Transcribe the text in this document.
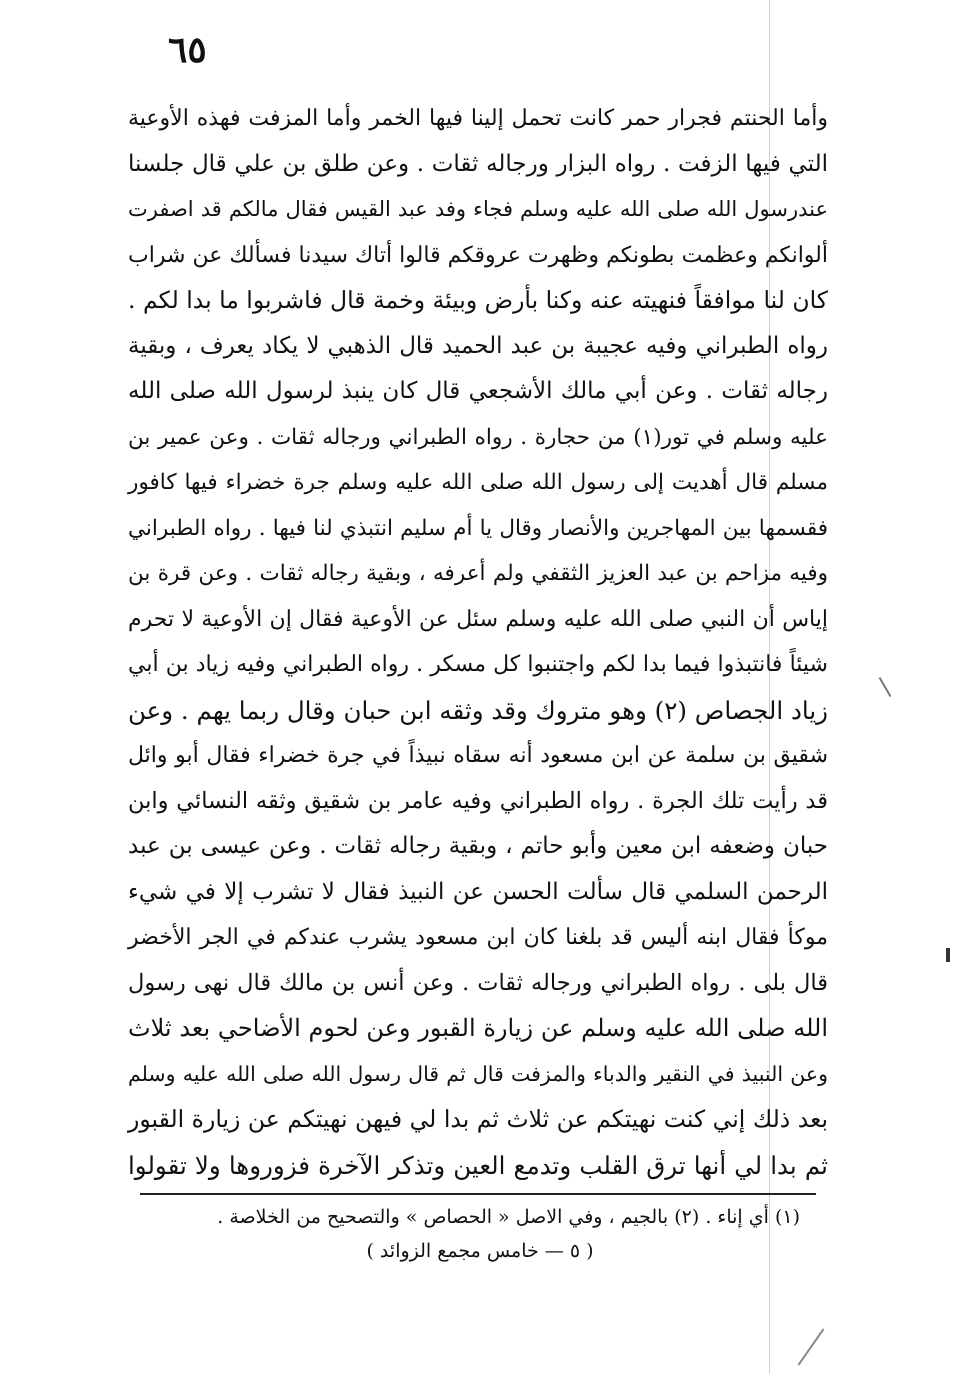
٦٥
وأما الحنتم فجرار حمر كانت تحمل إلينا فيها الخمر وأما المزفت فهذه الأوعية
التي فيها الزفت . رواه البزار ورجاله ثقات . وعن طلق بن علي قال جلسنا
عندرسول الله صلى الله عليه وسلم فجاء وفد عبد القيس فقال مالكم قد اصفرت
ألوانكم وعظمت بطونكم وظهرت عروقكم قالوا أتاك سيدنا فسألك عن شراب
كان لنا موافقاً فنهيته عنه وكنا بأرض وبيئة وخمة قال فاشربوا ما بدا لكم .
رواه الطبراني وفيه عجيبة بن عبد الحميد قال الذهبي لا يكاد يعرف ، وبقية
رجاله ثقات . وعن أبي مالك الأشجعي قال كان ينبذ لرسول الله صلى الله
عليه وسلم في تور(١) من حجارة . رواه الطبراني ورجاله ثقات . وعن عمير بن
مسلم قال أهديت إلى رسول الله صلى الله عليه وسلم جرة خضراء فيها كافور
فقسمها بين المهاجرين والأنصار وقال يا أم سليم انتبذي لنا فيها . رواه الطبراني
وفيه مزاحم بن عبد العزيز الثقفي ولم أعرفه ، وبقية رجاله ثقات . وعن قرة بن
إياس أن النبي صلى الله عليه وسلم سئل عن الأوعية فقال إن الأوعية لا تحرم
شيئاً فانتبذوا فيما بدا لكم واجتنبوا كل مسكر . رواه الطبراني وفيه زياد بن أبي
زياد الجصاص (٢) وهو متروك وقد وثقه ابن حبان وقال ربما يهم . وعن
شقيق بن سلمة عن ابن مسعود أنه سقاه نبيذاً في جرة خضراء فقال أبو وائل
قد رأيت تلك الجرة . رواه الطبراني وفيه عامر بن شقيق وثقه النسائي وابن
حبان وضعفه ابن معين وأبو حاتم ، وبقية رجاله ثقات . وعن عيسى بن عبد
الرحمن السلمي قال سألت الحسن عن النبيذ فقال لا تشرب إلا في شيء
موكأ فقال ابنه أليس قد بلغنا كان ابن مسعود يشرب عندكم في الجر الأخضر
قال بلى . رواه الطبراني ورجاله ثقات . وعن أنس بن مالك قال نهى رسول
الله صلى الله عليه وسلم عن زيارة القبور وعن لحوم الأضاحي بعد ثلاث
وعن النبيذ في النقير والدباء والمزفت قال ثم قال رسول الله صلى الله عليه وسلم
بعد ذلك إني كنت نهيتكم عن ثلاث ثم بدا لي فيهن نهيتكم عن زيارة القبور
ثم بدا لي أنها ترق القلب وتدمع العين وتذكر الآخرة فزوروها ولا تقولوا
(١) أي إناء . (٢) بالجيم ، وفي الاصل « الحصاص » والتصحيح من الخلاصة .
( ٥ — خامس مجمع الزوائد )
